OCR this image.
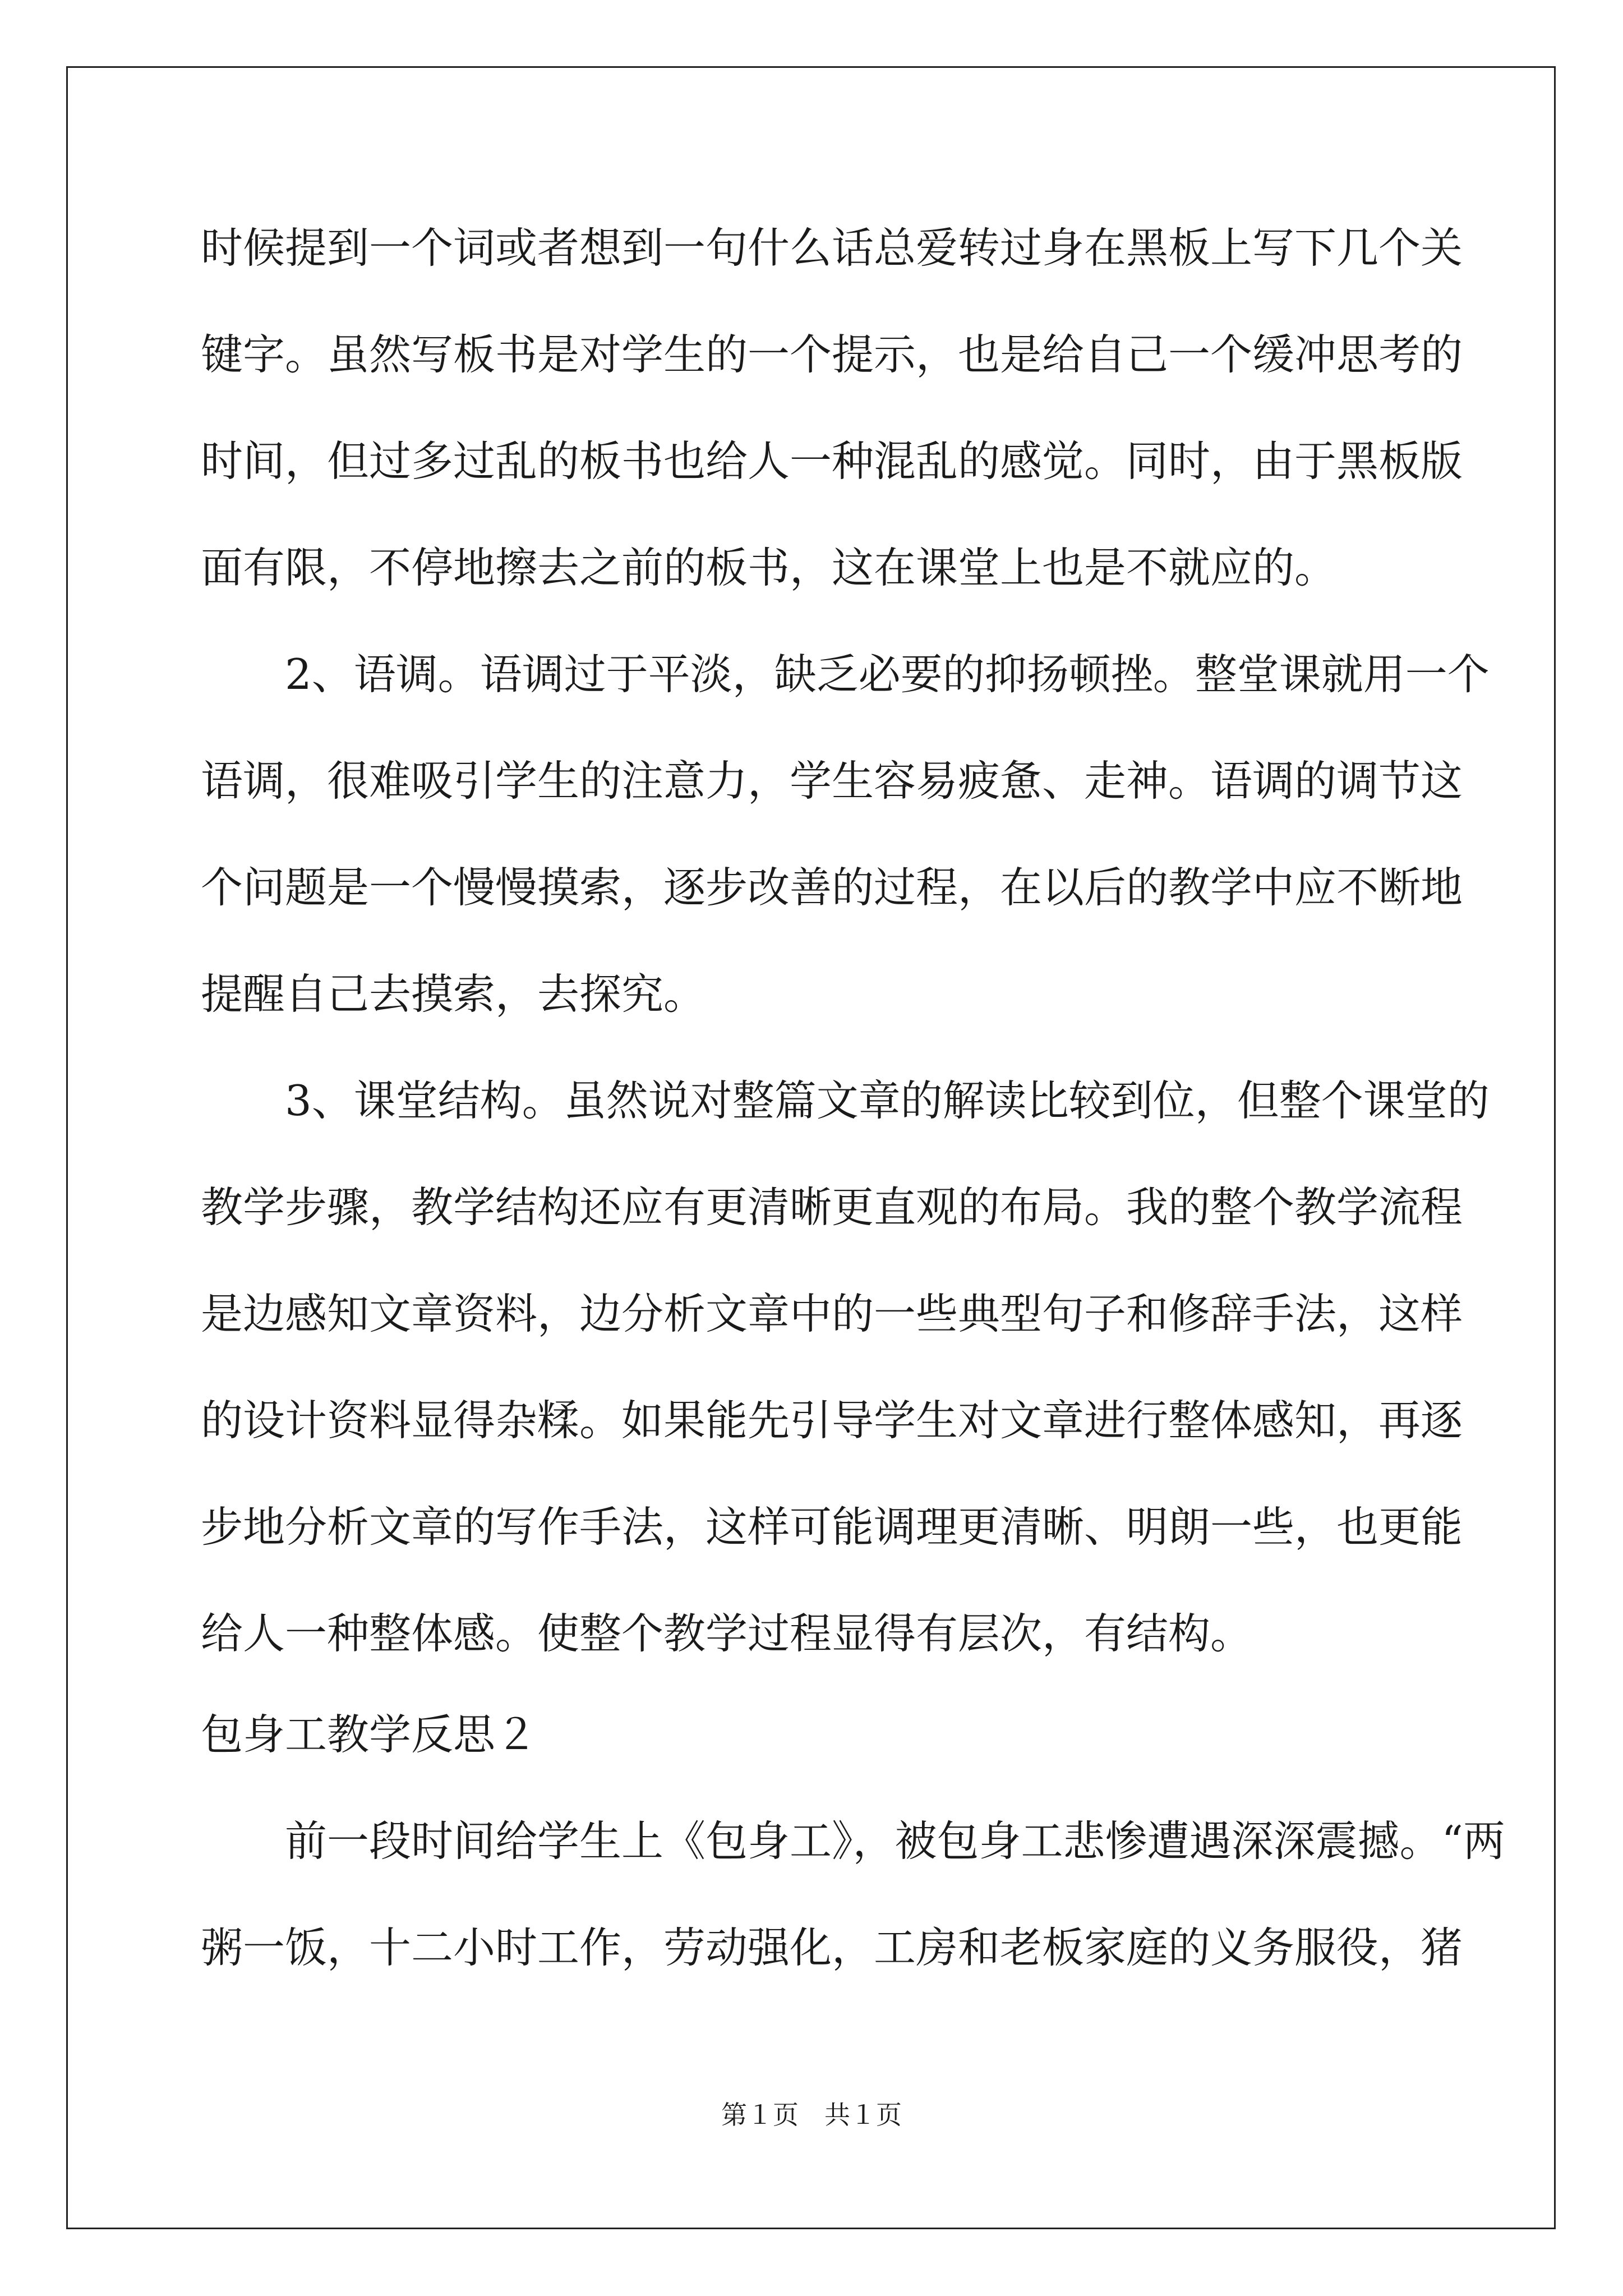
时候提到一个词或者想到一句什么话总爱转过身在黑板上写下几个关
键字。虽然写板书是对学生的一个提示，也是给自己一个缓冲思考的
时间，但过多过乱的板书也给人一种混乱的感觉。同时，由于黑板版
面有限，不停地擦去之前的板书，这在课堂上也是不就应的。
2、语调。语调过于平淡，缺乏必要的抑扬顿挫。整堂课就用一个
语调，很难吸引学生的注意力，学生容易疲惫、走神。语调的调节这
个问题是一个慢慢摸索，逐步改善的过程，在以后的教学中应不断地
提醒自己去摸索，去探究。
3、课堂结构。虽然说对整篇文章的解读比较到位，但整个课堂的
教学步骤，教学结构还应有更清晰更直观的布局。我的整个教学流程
是边感知文章资料，边分析文章中的一些典型句子和修辞手法，这样
的设计资料显得杂糅。如果能先引导学生对文章进行整体感知，再逐
步地分析文章的写作手法，这样可能调理更清晰、明朗一些，也更能
给人一种整体感。使整个教学过程显得有层次，有结构。
包身工教学反思２
前一段时间给学生上《包身工》，被包身工悲惨遭遇深深震撼。“两
粥一饭，十二小时工作，劳动强化，工房和老板家庭的义务服役，猪
第１页　共１页
